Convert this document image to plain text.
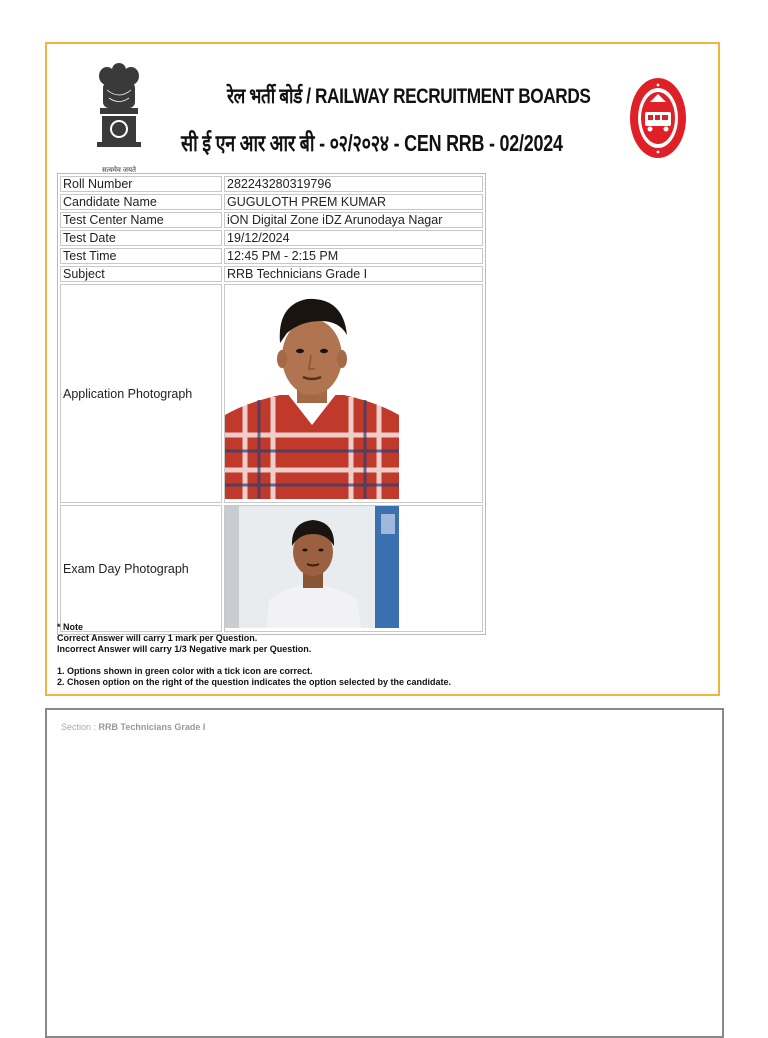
सत्यमेव जयते
रेल भर्ती बोर्ड / RAILWAY RECRUITMENT BOARDS
सी ई एन आर आर बी - ०२/२०२४ - CEN RRB - 02/2024
Roll Number	282243280319796
Candidate Name	GUGULOTH PREM KUMAR
Test Center Name	iON Digital Zone iDZ Arunodaya Nagar
Test Date	19/12/2024
Test Time	12:45 PM - 2:15 PM
Subject	RRB Technicians Grade I
Application Photograph	
Exam Day Photograph	

* Note

Correct Answer will carry 1 mark per Question.

Incorrect Answer will carry 1/3 Negative mark per Question.

1. Options shown in green color with a tick icon are correct.

2. Chosen option on the right of the question indicates the option selected by the candidate.

Section : RRB Technicians Grade I
